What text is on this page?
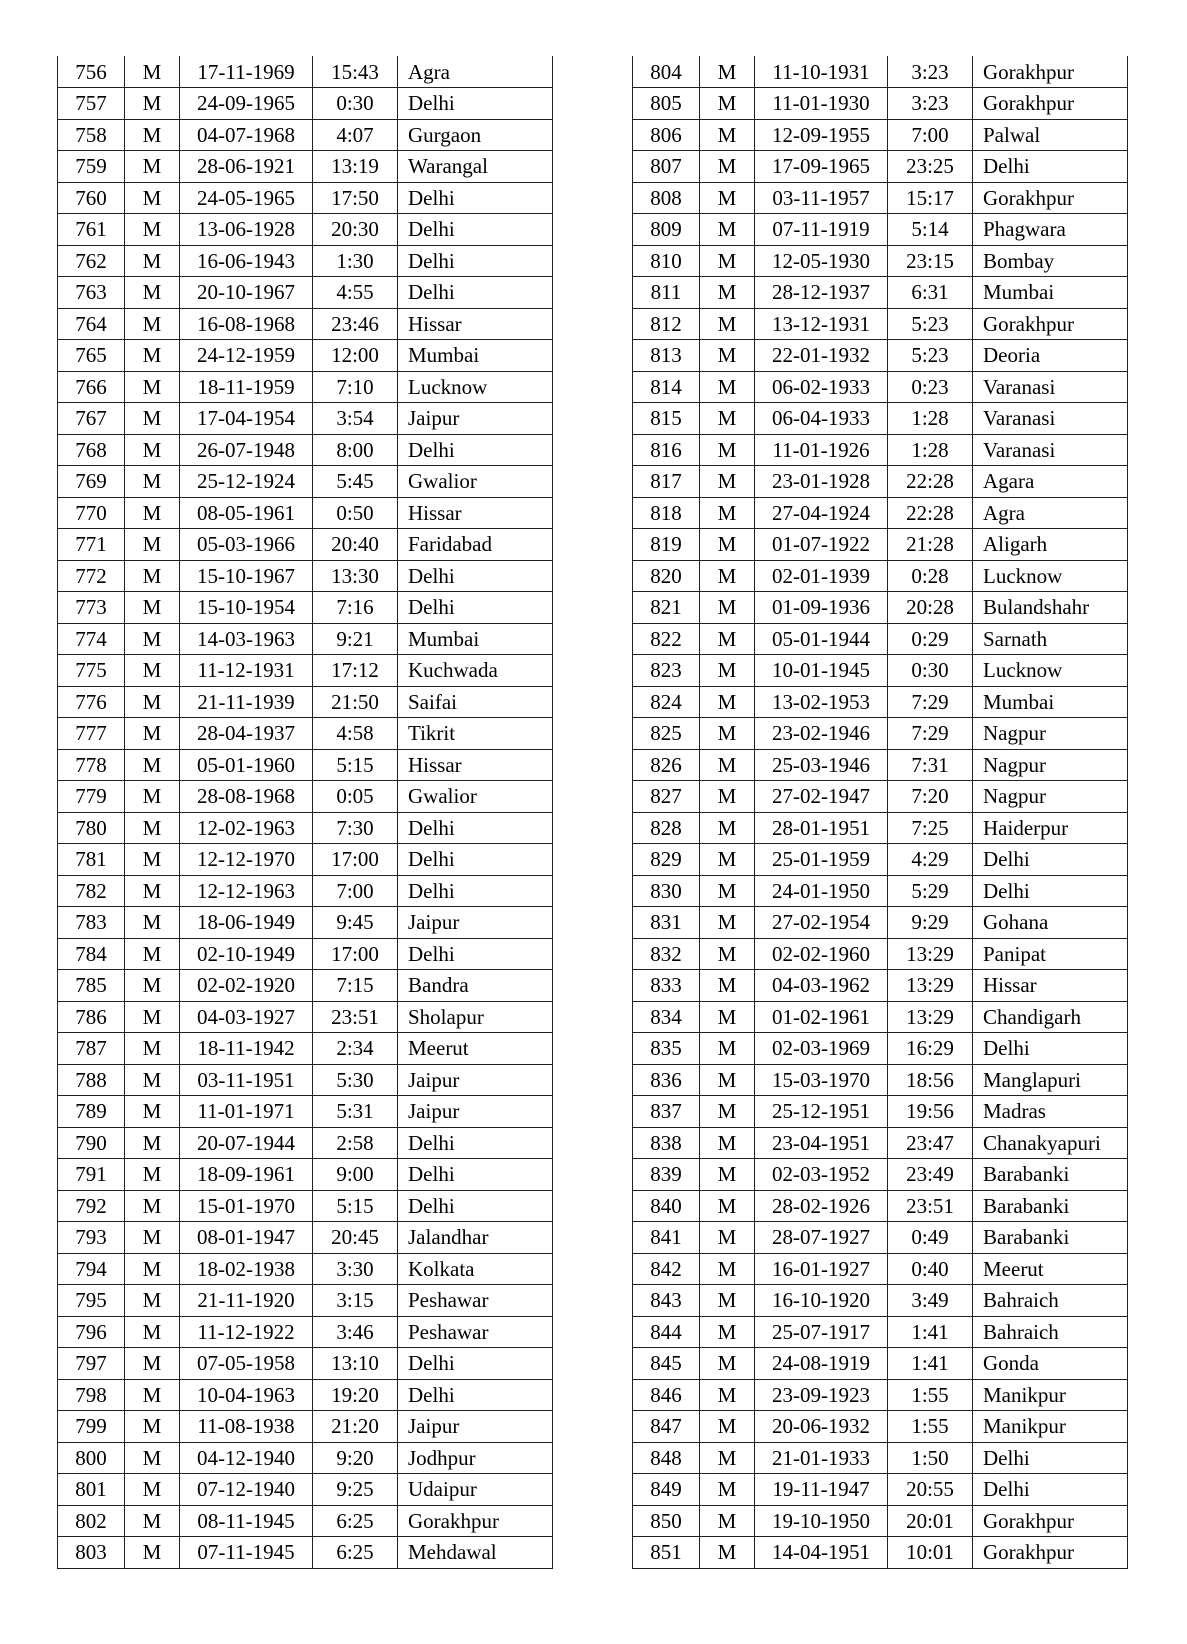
756	M	17-11-1969	15:43	Agra
757	M	24-09-1965	0:30	Delhi
758	M	04-07-1968	4:07	Gurgaon
759	M	28-06-1921	13:19	Warangal
760	M	24-05-1965	17:50	Delhi
761	M	13-06-1928	20:30	Delhi
762	M	16-06-1943	1:30	Delhi
763	M	20-10-1967	4:55	Delhi
764	M	16-08-1968	23:46	Hissar
765	M	24-12-1959	12:00	Mumbai
766	M	18-11-1959	7:10	Lucknow
767	M	17-04-1954	3:54	Jaipur
768	M	26-07-1948	8:00	Delhi
769	M	25-12-1924	5:45	Gwalior
770	M	08-05-1961	0:50	Hissar
771	M	05-03-1966	20:40	Faridabad
772	M	15-10-1967	13:30	Delhi
773	M	15-10-1954	7:16	Delhi
774	M	14-03-1963	9:21	Mumbai
775	M	11-12-1931	17:12	Kuchwada
776	M	21-11-1939	21:50	Saifai
777	M	28-04-1937	4:58	Tikrit
778	M	05-01-1960	5:15	Hissar
779	M	28-08-1968	0:05	Gwalior
780	M	12-02-1963	7:30	Delhi
781	M	12-12-1970	17:00	Delhi
782	M	12-12-1963	7:00	Delhi
783	M	18-06-1949	9:45	Jaipur
784	M	02-10-1949	17:00	Delhi
785	M	02-02-1920	7:15	Bandra
786	M	04-03-1927	23:51	Sholapur
787	M	18-11-1942	2:34	Meerut
788	M	03-11-1951	5:30	Jaipur
789	M	11-01-1971	5:31	Jaipur
790	M	20-07-1944	2:58	Delhi
791	M	18-09-1961	9:00	Delhi
792	M	15-01-1970	5:15	Delhi
793	M	08-01-1947	20:45	Jalandhar
794	M	18-02-1938	3:30	Kolkata
795	M	21-11-1920	3:15	Peshawar
796	M	11-12-1922	3:46	Peshawar
797	M	07-05-1958	13:10	Delhi
798	M	10-04-1963	19:20	Delhi
799	M	11-08-1938	21:20	Jaipur
800	M	04-12-1940	9:20	Jodhpur
801	M	07-12-1940	9:25	Udaipur
802	M	08-11-1945	6:25	Gorakhpur
803	M	07-11-1945	6:25	Mehdawal
804	M	11-10-1931	3:23	Gorakhpur
805	M	11-01-1930	3:23	Gorakhpur
806	M	12-09-1955	7:00	Palwal
807	M	17-09-1965	23:25	Delhi
808	M	03-11-1957	15:17	Gorakhpur
809	M	07-11-1919	5:14	Phagwara
810	M	12-05-1930	23:15	Bombay
811	M	28-12-1937	6:31	Mumbai
812	M	13-12-1931	5:23	Gorakhpur
813	M	22-01-1932	5:23	Deoria
814	M	06-02-1933	0:23	Varanasi
815	M	06-04-1933	1:28	Varanasi
816	M	11-01-1926	1:28	Varanasi
817	M	23-01-1928	22:28	Agara
818	M	27-04-1924	22:28	Agra
819	M	01-07-1922	21:28	Aligarh
820	M	02-01-1939	0:28	Lucknow
821	M	01-09-1936	20:28	Bulandshahr
822	M	05-01-1944	0:29	Sarnath
823	M	10-01-1945	0:30	Lucknow
824	M	13-02-1953	7:29	Mumbai
825	M	23-02-1946	7:29	Nagpur
826	M	25-03-1946	7:31	Nagpur
827	M	27-02-1947	7:20	Nagpur
828	M	28-01-1951	7:25	Haiderpur
829	M	25-01-1959	4:29	Delhi
830	M	24-01-1950	5:29	Delhi
831	M	27-02-1954	9:29	Gohana
832	M	02-02-1960	13:29	Panipat
833	M	04-03-1962	13:29	Hissar
834	M	01-02-1961	13:29	Chandigarh
835	M	02-03-1969	16:29	Delhi
836	M	15-03-1970	18:56	Manglapuri
837	M	25-12-1951	19:56	Madras
838	M	23-04-1951	23:47	Chanakyapuri
839	M	02-03-1952	23:49	Barabanki
840	M	28-02-1926	23:51	Barabanki
841	M	28-07-1927	0:49	Barabanki
842	M	16-01-1927	0:40	Meerut
843	M	16-10-1920	3:49	Bahraich
844	M	25-07-1917	1:41	Bahraich
845	M	24-08-1919	1:41	Gonda
846	M	23-09-1923	1:55	Manikpur
847	M	20-06-1932	1:55	Manikpur
848	M	21-01-1933	1:50	Delhi
849	M	19-11-1947	20:55	Delhi
850	M	19-10-1950	20:01	Gorakhpur
851	M	14-04-1951	10:01	Gorakhpur
